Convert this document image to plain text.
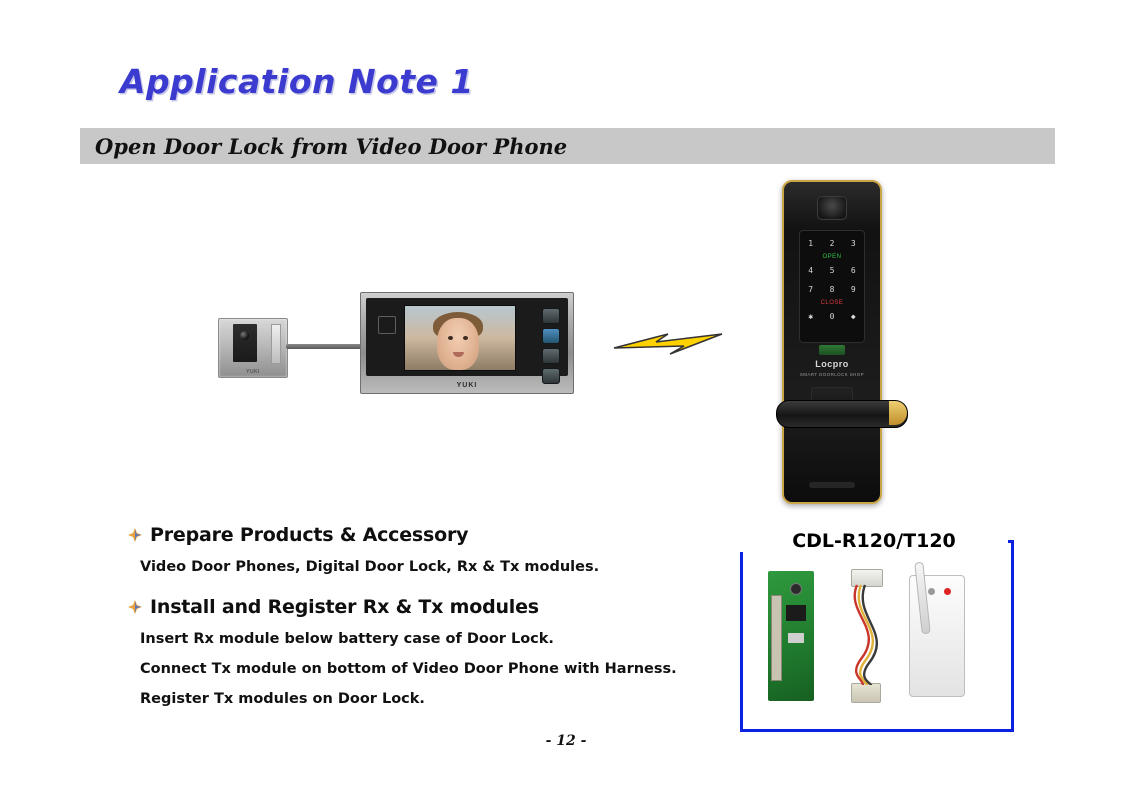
Application Note 1
Open Door Lock from Video Door Phone
YUKI
YUKI
1	2	3
OPEN
4	5	6
7	8	9
CLOSE
✱	0	◆
Locpro
SMART DOORLOCK SHOP
Prepare Products & Accessory
Video Door Phones, Digital Door Lock, Rx & Tx modules.
Install and Register Rx & Tx modules
Insert Rx module below battery case of Door Lock.
Connect Tx module on bottom of Video Door Phone with Harness.
Register Tx modules on Door Lock.
CDL-R120/T120
- 12 -
